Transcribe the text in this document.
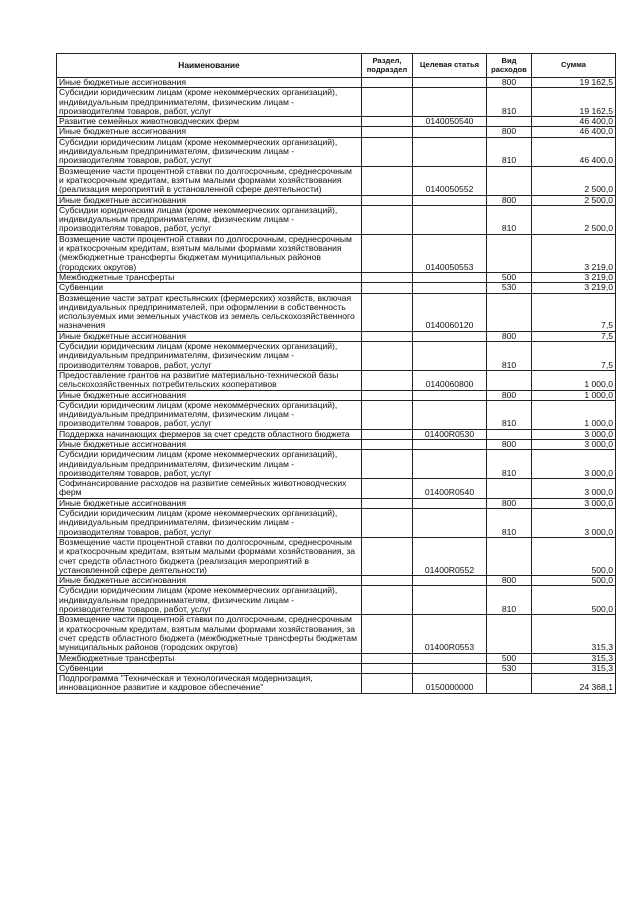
Наименование	Раздел, подраздел	Целевая статья	Вид расходов	Сумма
Иные бюджетные ассигнования			800	19 162,5
Субсидии юридическим лицам (кроме некоммерческих организаций), индивидуальным предпринимателям, физическим лицам - производителям товаров, работ, услуг			810	19 162,5
Развитие семейных животноводческих ферм		0140050540		46 400,0
Иные бюджетные ассигнования			800	46 400,0
Субсидии юридическим лицам (кроме некоммерческих организаций), индивидуальным предпринимателям, физическим лицам - производителям товаров, работ, услуг			810	46 400,0
Возмещение части процентной ставки по долгосрочным, среднесрочным и краткосрочным кредитам, взятым малыми формами хозяйствования (реализация мероприятий в установленной сфере деятельности)		0140050552		2 500,0
Иные бюджетные ассигнования			800	2 500,0
Субсидии юридическим лицам (кроме некоммерческих организаций), индивидуальным предпринимателям, физическим лицам - производителям товаров, работ, услуг			810	2 500,0
Возмещение части процентной ставки по долгосрочным, среднесрочным и краткосрочным кредитам, взятым малыми формами хозяйствования (межбюджетные трансферты бюджетам муниципальных районов (городских округов)		0140050553		3 219,0
Межбюджетные трансферты			500	3 219,0
Субвенции			530	3 219,0
Возмещение части затрат крестьянских (фермерских) хозяйств, включая индивидуальных предпринимателей, при оформлении в собственность используемых ими земельных участков из земель сельскохозяйственного назначения		0140060120		7,5
Иные бюджетные ассигнования			800	7,5
Субсидии юридическим лицам (кроме некоммерческих организаций), индивидуальным предпринимателям, физическим лицам - производителям товаров, работ, услуг			810	7,5
Предоставление грантов на развитие материально-технической базы сельскохозяйственных потребительских кооперативов		0140060800		1 000,0
Иные бюджетные ассигнования			800	1 000,0
Субсидии юридическим лицам (кроме некоммерческих организаций), индивидуальным предпринимателям, физическим лицам - производителям товаров, работ, услуг			810	1 000,0
Поддержка начинающих фермеров за счет средств областного бюджета		01400R0530		3 000,0
Иные бюджетные ассигнования			800	3 000,0
Субсидии юридическим лицам (кроме некоммерческих организаций), индивидуальным предпринимателям, физическим лицам - производителям товаров, работ, услуг			810	3 000,0
Софинансирование расходов на развитие семейных животноводческих ферм		01400R0540		3 000,0
Иные бюджетные ассигнования			800	3 000,0
Субсидии юридическим лицам (кроме некоммерческих организаций), индивидуальным предпринимателям, физическим лицам - производителям товаров, работ, услуг			810	3 000,0
Возмещение части процентной ставки по долгосрочным, среднесрочным и краткосрочным кредитам, взятым малыми формами хозяйствования, за счет средств областного бюджета (реализация мероприятий в установленной сфере деятельности)		01400R0552		500,0
Иные бюджетные ассигнования			800	500,0
Субсидии юридическим лицам (кроме некоммерческих организаций), индивидуальным предпринимателям, физическим лицам - производителям товаров, работ, услуг			810	500,0
Возмещение части процентной ставки по долгосрочным, среднесрочным и краткосрочным кредитам, взятым малыми формами хозяйствования, за счет средств областного бюджета (межбюджетные трансферты бюджетам муниципальных районов (городских округов)		01400R0553		315,3
Межбюджетные трансферты			500	315,3
Субвенции			530	315,3
Подпрограмма "Техническая и технологическая модернизация, инновационное развитие и кадровое обеспечение"		0150000000		24 368,1
